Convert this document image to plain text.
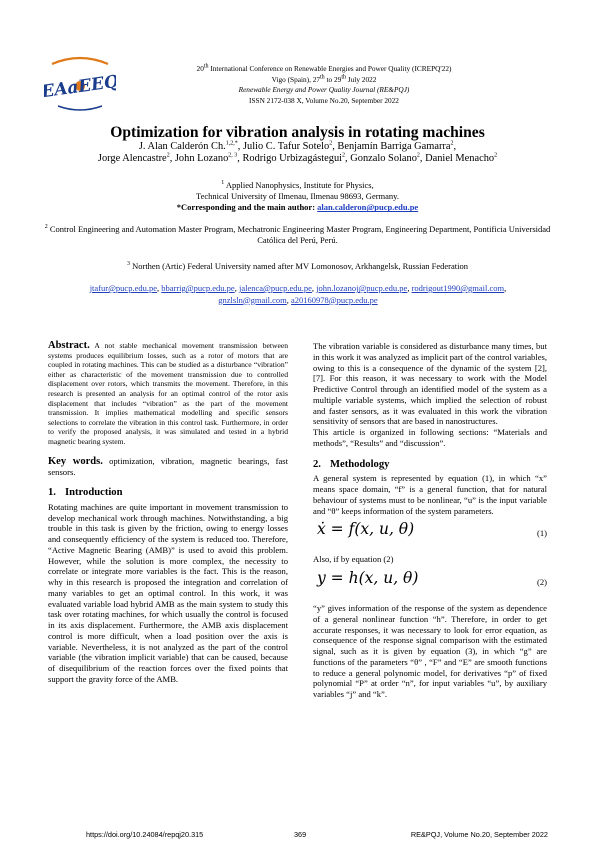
EAaEEQ
20th International Conference on Renewable Energies and Power Quality (ICREPQ'22)
Vigo (Spain), 27th to 29th July 2022
Renewable Energy and Power Quality Journal (RE&PQJ)
ISSN 2172-038 X, Volume No.20, September 2022
Optimization for vibration analysis in rotating machines
J. Alan Calderón Ch.$^{1,2,*}$, Julio C. Tafur Sotelo$^2$, Benjamín Barriga Gamarra$^2$,
Jorge Alencastre$^2$, John Lozano$^{2, 3}$, Rodrigo Urbizagástegui$^2$, Gonzalo Solano$^2$, Daniel Menacho$^2$
$^1$ Applied Nanophysics, Institute for Physics,
Technical University of Ilmenau, Ilmenau 98693, Germany.
*Corresponding and the main author: alan.calderon@pucp.edu.pe
$^2$ Control Engineering and Automation Master Program, Mechatronic Engineering Master Program, Engineering Department, Pontificia Universidad Católica del Perú, Perú.
$^3$ Northen (Artic) Federal University named after MV Lomonosov, Arkhangelsk, Russian Federation
jtafur@pucp.edu.pe, bbarrig@pucp.edu.pe, jalenca@pucp.edu.pe, john.lozanoj@pucp.edu.pe, rodrigout1990@gmail.com,
gnzlsln@gmail.com, a20160978@pucp.edu.pe

Abstract. A not stable mechanical movement transmission between systems produces equilibrium losses, such as a rotor of motors that are coupled in rotating machines. This can be studied as a disturbance “vibration” either as characteristic of the movement transmission due to controlled displacement over rotors, which transmits the movement. Therefore, in this research is presented an analysis for an optimal control of the rotor axis displacement that includes “vibration” as the part of the movement transmission. It implies mathematical modelling and specific sensors selections to correlate the vibration in this control task. Furthermore, in order to verify the proposed analysis, it was simulated and tested in a hybrid magnetic bearing system.

Key words. optimization, vibration, magnetic bearings, fast sensors.

1. Introduction

Rotating machines are quite important in movement transmission to develop mechanical work through machines. Notwithstanding, a big trouble in this task is given by the friction, owing to energy losses and consequently efficiency of the system is reduced too. Therefore, “Active Magnetic Bearing (AMB)” is used to avoid this problem. However, while the solution is more complex, the necessity to correlate or integrate more variables is the fact. This is the reason, why in this research is proposed the integration and correlation of many variables to get an optimal control. In this work, it was evaluated variable load hybrid AMB as the main system to study this task over rotating machines, for which usually the control is focused in its axis displacement. Furthermore, the AMB axis displacement control is more difficult, when a load position over the axis is variable. Nevertheless, it is not analyzed as the part of the control variable (the vibration implicit variable) that can be caused, because of disequilibrium of the reaction forces over the fixed points that support the gravity force of the AMB.

The vibration variable is considered as disturbance many times, but in this work it was analyzed as implicit part of the control variables, owing to this is a consequence of the dynamic of the system [2], [7]. For this reason, it was necessary to work with the Model Predictive Control through an identified model of the system as a multiple variable systems, which implied the selection of robust and faster sensors, as it was evaluated in this work the vibration sensitivity of sensors that are based in nanostructures.

This article is organized in following sections: “Materials and methods”, “Results” and “discussion”.

2. Methodology

A general system is represented by equation (1), in which “x” means space domain, “f” is a general function, that for natural behaviour of systems must to be nonlinear, “u” is the input variable and “θ” keeps information of the system parameters.

ẋ = f(x, u, θ)	(1)

Also, if by equation (2)

y = h(x, u, θ)	(2)

“y” gives information of the response of the system as dependence of a general nonlinear function “h”. Therefore, in order to get accurate responses, it was necessary to look for error equation, as consequence of the response signal comparison with the estimated signal, such as it is given by equation (3), in which “g” are functions of the parameters “θ” , “F” and “E” are smooth functions to reduce a general polynomic model, for derivatives “p” of fixed polynomial “P” at order “n”, for input variables “u”, by auxiliary variables “j” and “k”.

https://doi.org/10.24084/repqj20.315	369	RE&PQJ, Volume No.20, September 2022
